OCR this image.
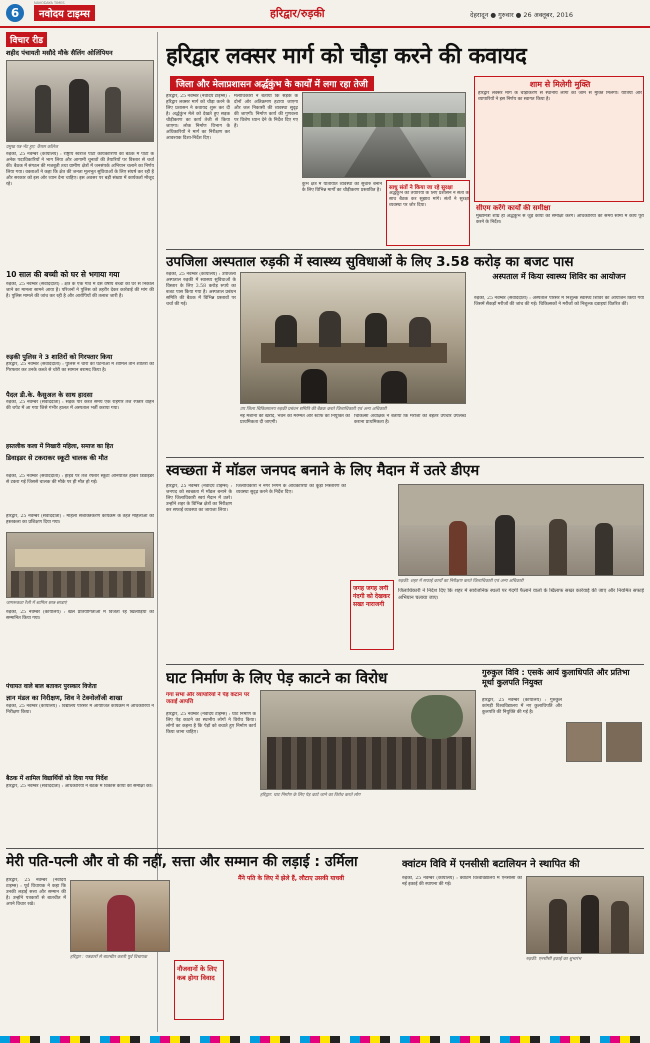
6	नवोदय टाइम्स
NAVODAYA TIMES
हरिद्वार/रुड़की	देहरादून ● गुरुवार ● 26 अक्तूबर, 2016
विचार रीड
शहीद पंचायती मसौदे मौके सैलिंग ओलिंपियन
प्रमुख पत्र-भेंट हुए: कैंपस कॉलेज
रुड़की, 25 नवम्बर (कार्यालय) : राष्ट्रीय स्वराज पार्टी कार्यकारिणी की बैठक में पार्टी के अनेक पदाधिकारियों ने भाग लिया और आगामी चुनावों की तैयारियों पर विस्तार से चर्चा की। बैठक में संगठन की मजबूती तथा ग्रामीण क्षेत्रों में जनसंपर्क अभियान चलाने का निर्णय लिया गया। वक्ताओं ने कहा कि क्षेत्र की जनता मूलभूत सुविधाओं के लिए संघर्ष कर रही है और सरकार को इस ओर ध्यान देना चाहिए। इस अवसर पर बड़ी संख्या में कार्यकर्ता मौजूद रहे।
10 साल की बच्ची को घर से भगाया गया
रुड़की, 25 नवम्बर (संवाददाता) : क्षेत्र के एक गांव में दस वर्षीय बच्ची को घर से निकाले जाने का मामला सामने आया है। परिजनों ने पुलिस को तहरीर देकर कार्रवाई की मांग की है। पुलिस मामले की जांच कर रही है और आरोपियों की तलाश जारी है।
रुड़की पुलिस ने 3 शातिरों को गिरफ्तार किया
हरिद्वार, 25 नवम्बर (संवाददाता) : पुलिस ने चोरी की घटनाओं में शामिल तीन शातिरों को गिरफ्तार कर उनके कब्जे से चोरी का सामान बरामद किया है।
पैदल डी.के. कैसुअल के साथ हादसा
रुड़की, 25 नवम्बर (संवाददाता) : सड़क पार करते समय एक राहगीर तेज रफ्तार वाहन की चपेट में आ गया जिसे गंभीर हालत में अस्पताल भर्ती कराया गया।
हस्तलीक कला में निखारी महिला, समाज का हित
डिवाइडर से टकराकर स्कूटी चालक की मौत
रुड़की, 25 नवम्बर (संवाददाता) : हाईवे पर तेज रफ्तार स्कूटी अनियंत्रित होकर डिवाइडर से टकरा गई जिससे चालक की मौके पर ही मौत हो गई।
हरिद्वार, 25 नवम्बर (संवाददाता) : महिला सशक्तिकरण कार्यक्रम के तहत महिलाओं को हस्तकला का प्रशिक्षण दिया गया।
जागरूकता रैली में शामिल छात्र-छात्राएं
रुड़की, 25 नवम्बर (कार्यालय) : खेल प्रतियोगिताओं में विजेता रहे खिलाड़ियों को सम्मानित किया गया।
पंचायत वाले बाल बताकर पुरस्कार विजेता
ज्ञान मंडल का निरीक्षण, शिव ने टेक्नोलॉजी शाखा
रुड़की, 25 नवम्बर (कार्यालय) : विद्यालय परिसर में आयोजित कार्यक्रम में अधिकारियों ने निरीक्षण किया।
बैठक में शामिल विद्यार्थियों को दिया गया निर्देश
हरिद्वार, 25 नवम्बर (संवाददाता) : अधिकारियों ने बैठक में विकास कार्यों की समीक्षा की।
हरिद्वार लक्सर मार्ग को चौड़ा करने की कवायद
जिला और मेलाप्रशासन अर्द्धकुंभ के कार्यों में लगा रहा तेजी
हरिद्वार, 25 नवम्बर (नवोदय टाइम्स) : हरिद्वार लक्सर मार्ग को चौड़ा करने के लिए प्रशासन ने कवायद शुरू कर दी है। अर्द्धकुंभ मेले को देखते हुए सड़क चौड़ीकरण का कार्य तेजी से किया जाएगा। लोक निर्माण विभाग के अधिकारियों ने मार्ग का निरीक्षण कर आवश्यक दिशा-निर्देश दिए।
मेलाधिकारी ने बताया कि सड़क के दोनों ओर अतिक्रमण हटाया जाएगा और जल निकासी की व्यवस्था सुदृढ़ की जाएगी। निर्माण कार्य की गुणवत्ता पर विशेष ध्यान देने के निर्देश दिए गए हैं।
कुंभ क्षेत्र में यातायात व्यवस्था को सुचारु बनाने के लिए विभिन्न मार्गों का चौड़ीकरण प्रस्तावित है। साधु संतों ने किया जा रहे सुरक्षा
अर्द्धकुंभ की तैयारियों के लिए प्रशासन ने संतों के साथ बैठक कर सुझाव मांगे। संतों ने सुरक्षा व्यवस्था पर जोर दिया।
शाम से मिलेगी मुक्ति
हरिद्वार लक्सर मार्ग के चौड़ीकरण से स्थानीय लोगों को जाम से मुक्ति मिलेगी। यात्रियों और व्यापारियों ने इस निर्णय का स्वागत किया है।
सीएम करेंगे कार्यों की समीक्षा
मुख्यमंत्री शीघ्र ही अर्द्धकुंभ से जुड़े कार्यों की समीक्षा करेंगे। अधिकारियों को समय सीमा में कार्य पूरा करने के निर्देश।
उपजिला अस्पताल रुड़की में स्वास्थ्य सुविधाओं के लिए 3.58 करोड़ का बजट पास
रुड़की, 25 नवम्बर (कार्यालय) : उपजिला अस्पताल रुड़की में स्वास्थ्य सुविधाओं के विस्तार के लिए 3.58 करोड़ रुपये का बजट पास किया गया है। अस्पताल प्रबंधन समिति की बैठक में विभिन्न प्रस्तावों पर चर्चा की गई।
उप जिला चिकित्सालय रुड़की प्रबंधन समिति की बैठक करते जिलाधिकारी एवं अन्य अधिकारी
नई मशीनों की खरीद, भवन की मरम्मत और स्टाफ की नियुक्ति को प्राथमिकता दी जाएगी।
चिकित्सा अधीक्षक ने बताया कि मरीजों को बेहतर उपचार उपलब्ध कराना प्राथमिकता है।
अस्पताल में किया स्वास्थ्य शिविर का आयोजन
रुड़की, 25 नवम्बर (संवाददाता) : अस्पताल परिसर में निशुल्क स्वास्थ्य शिविर का आयोजन किया गया जिसमें सैकड़ों मरीजों की जांच की गई। चिकित्सकों ने मरीजों को निशुल्क दवाइयां वितरित कीं।
स्वच्छता में मॉडल जनपद बनाने के लिए मैदान में उतरे डीएम
हरिद्वार, 25 नवम्बर (नवोदय टाइम्स) : जनपद को स्वच्छता में मॉडल बनाने के लिए जिलाधिकारी स्वयं मैदान में उतरे। उन्होंने शहर के विभिन्न क्षेत्रों का निरीक्षण कर सफाई व्यवस्था का जायजा लिया।
जिलाधिकारी ने नगर निगम के अधिकारियों को कूड़ा निस्तारण की व्यवस्था सुदृढ़ करने के निर्देश दिए।
जगह जगह लगी गंदगी को देखकर सख्त नाराजगी
रुड़की: शहर में सफाई कार्यों का निरीक्षण करते जिलाधिकारी एवं अन्य अधिकारी
जिलाधिकारी ने निर्देश दिए कि शहर में सार्वजनिक स्थलों पर गंदगी फैलाने वालों के खिलाफ सख्त कार्रवाई की जाए और नियमित सफाई अभियान चलाया जाए।
घाट निर्माण के लिए पेड़ काटने का विरोध
गंगा सभा और व्यापारियों ने पेड़ कटान पर जताई आपत्ति
हरिद्वार, 25 नवम्बर (नवोदय टाइम्स) : घाट निर्माण के लिए पेड़ काटने का स्थानीय लोगों ने विरोध किया। लोगों का कहना है कि पेड़ों को बचाते हुए निर्माण कार्य किया जाना चाहिए।
हरिद्वार: घाट निर्माण के लिए पेड़ काटे जाने का विरोध करते लोग
गुरुकुल विवि : एसके आर्य कुलाधिपति और प्रतिभा मूर्था कुलपति नियुक्त
हरिद्वार, 25 नवम्बर (कार्यालय) : गुरुकुल कांगड़ी विश्वविद्यालय में नए कुलाधिपति और कुलपति की नियुक्ति की गई है।
मेरी पति-पत्नी और वो की नहीं, सत्ता और सम्मान की लड़ाई : उर्मिला
मैंने पति के लिए में झेले हैं, लौटाए उसकी याचवी
हरिद्वार, 25 नवम्बर (नवोदय टाइम्स) : पूर्व विधायक ने कहा कि उनकी लड़ाई सत्ता और सम्मान की है। उन्होंने पत्रकारों से बातचीत में अपने विचार रखे।
हरिद्वार : पत्रकारों से बातचीत करती पूर्व विधायक
नौजवानों के लिए कब होगा विवाद
क्वांटम विवि में एनसीसी बटालियन ने स्थापित की
रुड़की, 25 नवम्बर (कार्यालय) : क्वांटम विश्वविद्यालय में एनसीसी की नई इकाई की स्थापना की गई।
रुड़की: एनसीसी इकाई का शुभारंभ
